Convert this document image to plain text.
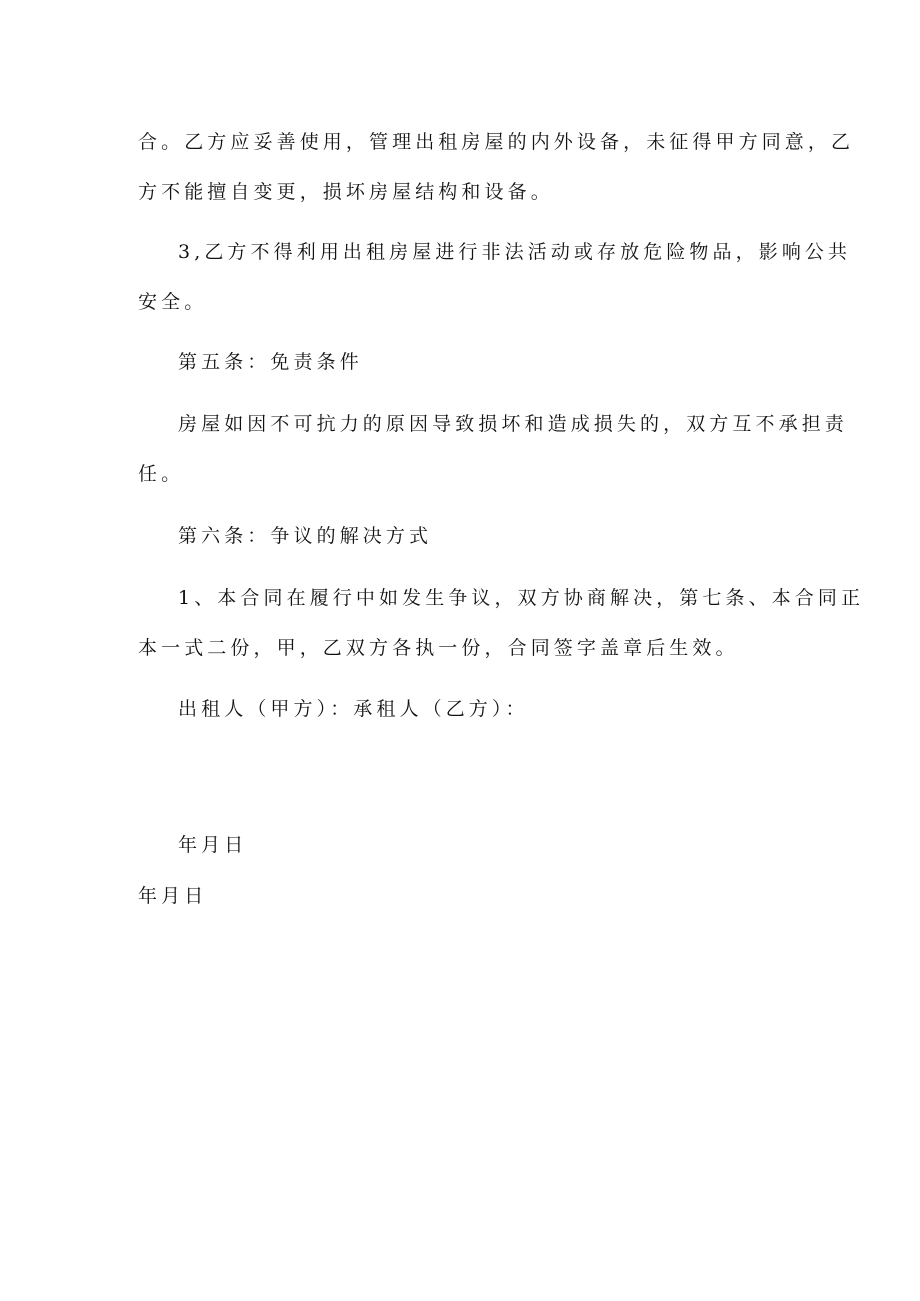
合。乙方应妥善使用，管理出租房屋的内外设备，未征得甲方同意，乙
方不能擅自变更，损坏房屋结构和设备。
3,乙方不得利用出租房屋进行非法活动或存放危险物品，影响公共
安全。
第五条：免责条件
房屋如因不可抗力的原因导致损坏和造成损失的，双方互不承担责
任。
第六条：争议的解决方式
1、本合同在履行中如发生争议，双方协商解决，第七条、本合同正
本一式二份，甲，乙双方各执一份，合同签字盖章后生效。
出租人（甲方）：承租人（乙方）：
年月日
年月日
